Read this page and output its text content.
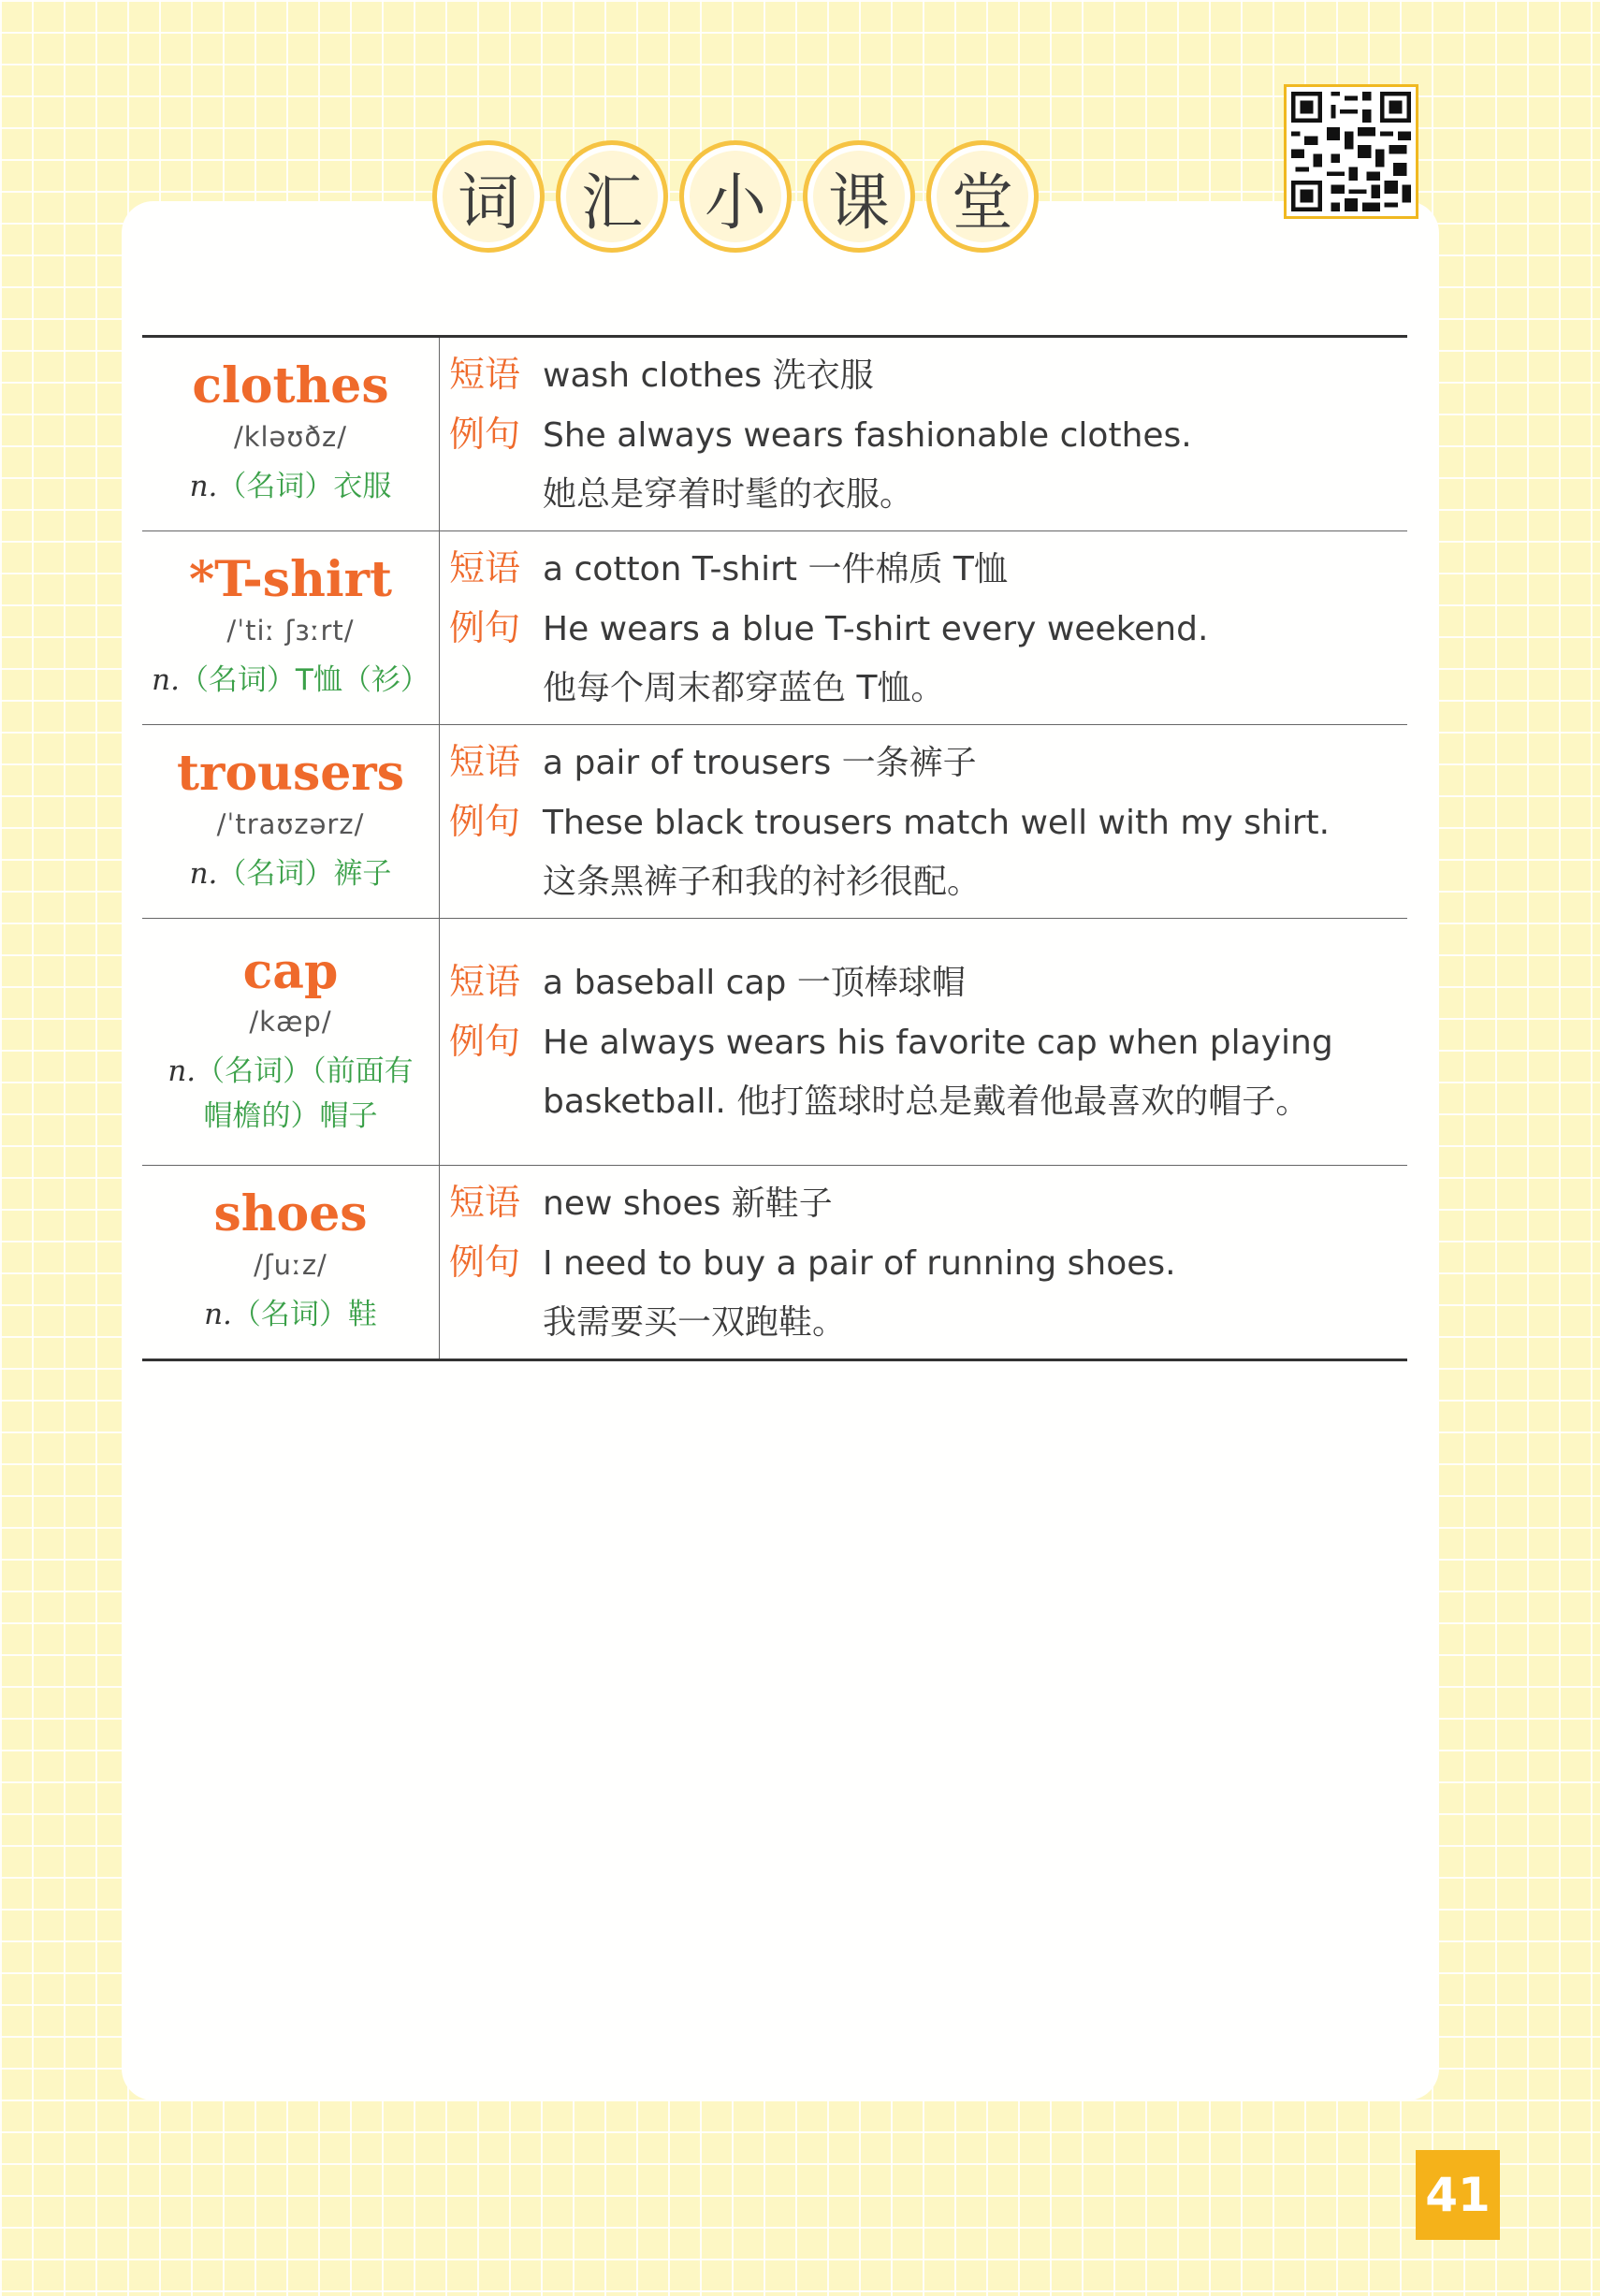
词	汇	小	课	堂
clothes
/kləʊðz/
n.（名词）衣服
短语 wash clothes 洗衣服
例句 She always wears fashionable clothes.
她总是穿着时髦的衣服。
*T-shirt
/ˈtiː ʃɜːrt/
n.（名词）T恤（衫）
短语 a cotton T-shirt 一件棉质 T恤
例句 He wears a blue T-shirt every weekend.
他每个周末都穿蓝色 T恤。
trousers
/ˈtraʊzərz/
n.（名词）裤子
短语 a pair of trousers 一条裤子
例句 These black trousers match well with my shirt.
这条黑裤子和我的衬衫很配。
cap
/kæp/
n.（名词）（前面有
帽檐的）帽子
短语 a baseball cap 一顶棒球帽
例句 He always wears his favorite cap when playing
basketball. 他打篮球时总是戴着他最喜欢的帽子。
shoes
/ʃuːz/
n.（名词）鞋
短语 new shoes 新鞋子
例句 I need to buy a pair of running shoes.
我需要买一双跑鞋。
41
